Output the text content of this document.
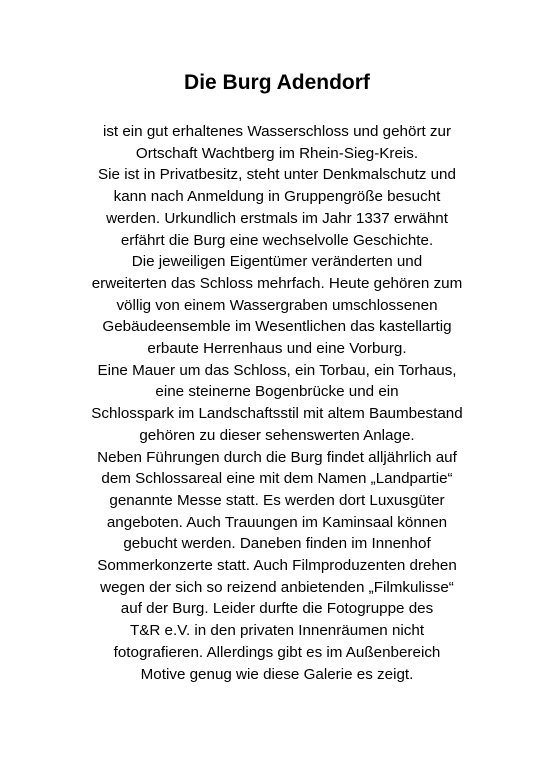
Die Burg Adendorf
ist ein gut erhaltenes Wasserschloss und gehört zur
Ortschaft Wachtberg im Rhein-Sieg-Kreis.
Sie ist in Privatbesitz, steht unter Denkmalschutz und
kann nach Anmeldung in Gruppengröße besucht
werden. Urkundlich erstmals im Jahr 1337 erwähnt
erfährt die Burg eine wechselvolle Geschichte.
Die jeweiligen Eigentümer veränderten und
erweiterten das Schloss mehrfach. Heute gehören zum
völlig von einem Wassergraben umschlossenen
Gebäudeensemble im Wesentlichen das kastellartig
erbaute Herrenhaus und eine Vorburg.
Eine Mauer um das Schloss, ein Torbau, ein Torhaus,
eine steinerne Bogenbrücke und ein
Schlosspark im Landschaftsstil mit altem Baumbestand
gehören zu dieser sehenswerten Anlage.
Neben Führungen durch die Burg findet alljährlich auf
dem Schlossareal eine mit dem Namen „Landpartie“
genannte Messe statt. Es werden dort Luxusgüter
angeboten. Auch Trauungen im Kaminsaal können
gebucht werden. Daneben finden im Innenhof
Sommerkonzerte statt. Auch Filmproduzenten drehen
wegen der sich so reizend anbietenden „Filmkulisse“
auf der Burg. Leider durfte die Fotogruppe des
T&R e.V. in den privaten Innenräumen nicht
fotografieren. Allerdings gibt es im Außenbereich
Motive genug wie diese Galerie es zeigt.
